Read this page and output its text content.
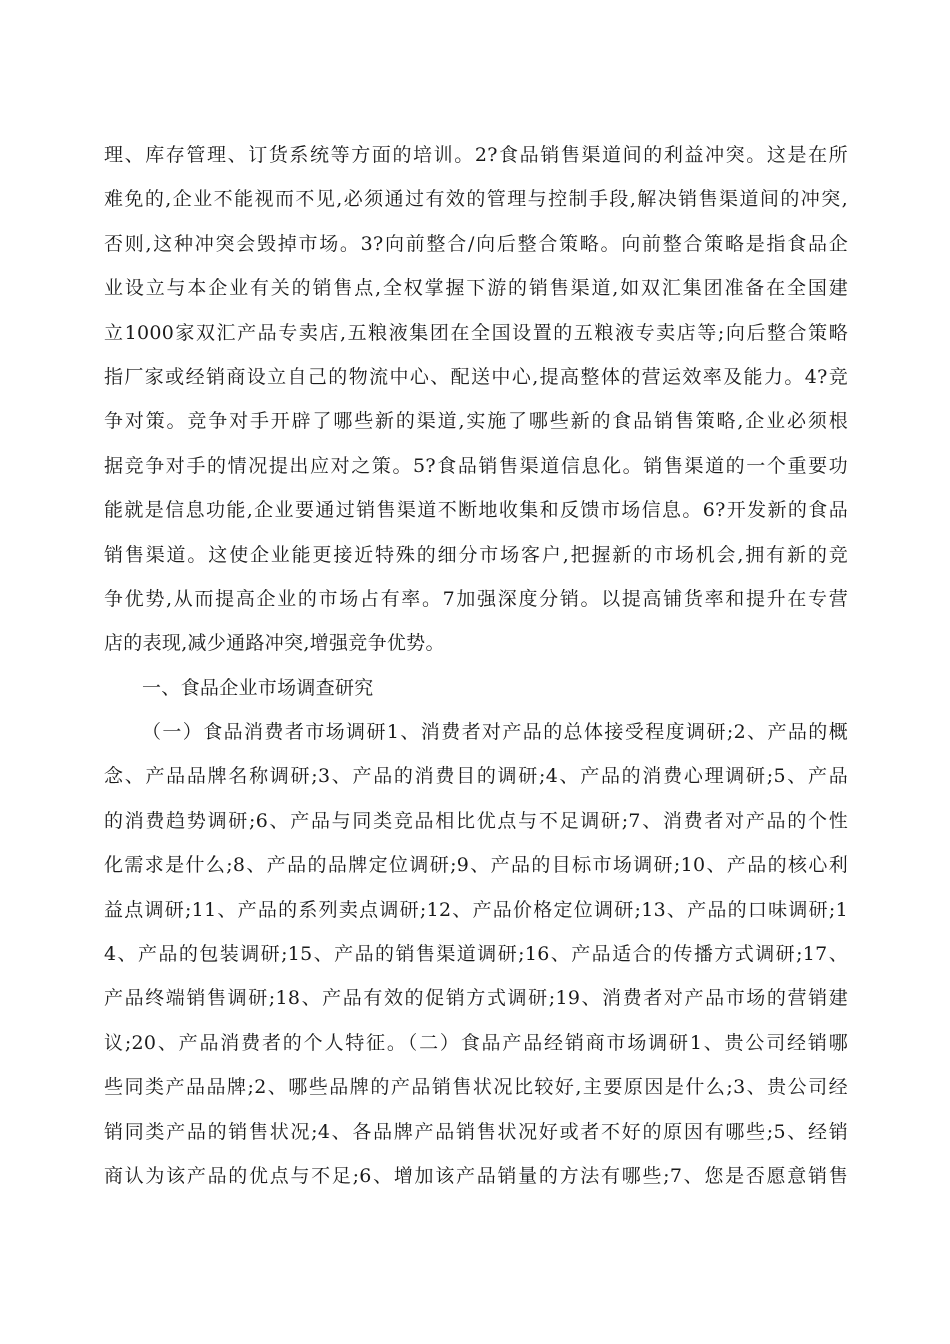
理、库存管理、订货系统等方面的培训。2?食品销售渠道间的利益冲突。这是在所
难免的,企业不能视而不见,必须通过有效的管理与控制手段,解决销售渠道间的冲突,
否则,这种冲突会毁掉市场。3?向前整合/向后整合策略。向前整合策略是指食品企
业设立与本企业有关的销售点,全权掌握下游的销售渠道,如双汇集团准备在全国建
立1000家双汇产品专卖店,五粮液集团在全国设置的五粮液专卖店等;向后整合策略
指厂家或经销商设立自己的物流中心、配送中心,提高整体的营运效率及能力。4?竞
争对策。竞争对手开辟了哪些新的渠道,实施了哪些新的食品销售策略,企业必须根
据竞争对手的情况提出应对之策。5?食品销售渠道信息化。销售渠道的一个重要功
能就是信息功能,企业要通过销售渠道不断地收集和反馈市场信息。6?开发新的食品
销售渠道。这使企业能更接近特殊的细分市场客户,把握新的市场机会,拥有新的竞
争优势,从而提高企业的市场占有率。7加强深度分销。以提高铺货率和提升在专营
店的表现,减少通路冲突,增强竞争优势。
一、食品企业市场调查研究
（一）食品消费者市场调研1、消费者对产品的总体接受程度调研;2、产品的概
念、产品品牌名称调研;3、产品的消费目的调研;4、产品的消费心理调研;5、产品
的消费趋势调研;6、产品与同类竞品相比优点与不足调研;7、消费者对产品的个性
化需求是什么;8、产品的品牌定位调研;9、产品的目标市场调研;10、产品的核心利
益点调研;11、产品的系列卖点调研;12、产品价格定位调研;13、产品的口味调研;1
4、产品的包装调研;15、产品的销售渠道调研;16、产品适合的传播方式调研;17、
产品终端销售调研;18、产品有效的促销方式调研;19、消费者对产品市场的营销建
议;20、产品消费者的个人特征。（二）食品产品经销商市场调研1、贵公司经销哪
些同类产品品牌;2、哪些品牌的产品销售状况比较好,主要原因是什么;3、贵公司经
销同类产品的销售状况;4、各品牌产品销售状况好或者不好的原因有哪些;5、经销
商认为该产品的优点与不足;6、增加该产品销量的方法有哪些;7、您是否愿意销售
